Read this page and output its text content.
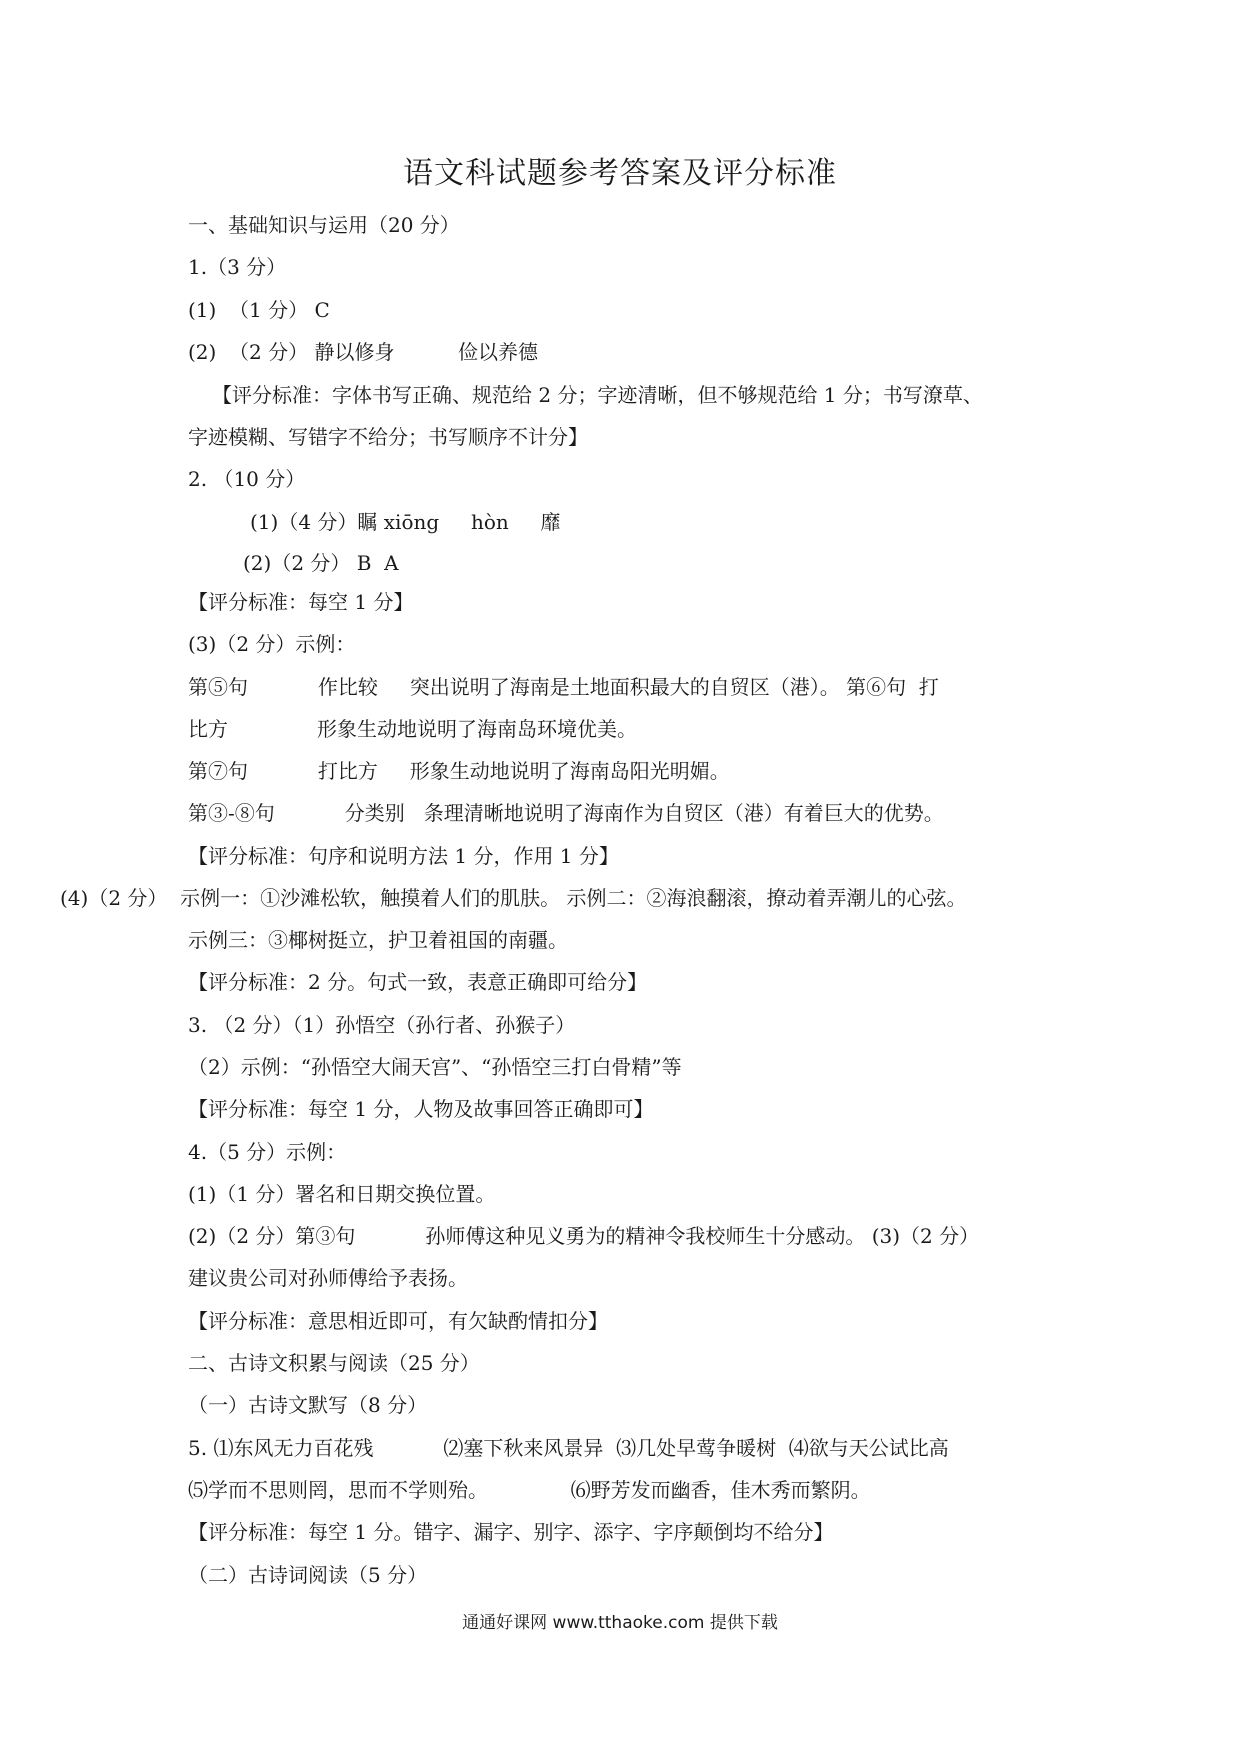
语文科试题参考答案及评分标准
一、基础知识与运用（20 分）
1.（3 分）
(1)  （1 分） C
(2)  （2 分） 静以修身          俭以养德
【评分标准：字体书写正确、规范给 2 分；字迹清晰，但不够规范给 1 分；书写潦草、
字迹模糊、写错字不给分；书写顺序不计分】
2. （10 分）
(1)（4 分）瞩 xiōng     hòn     靡
(2)（2 分） B  A
【评分标准：每空 1 分】
(3)（2 分）示例：
第⑤句           作比较     突出说明了海南是土地面积最大的自贸区（港）。 第⑥句  打
比方              形象生动地说明了海南岛环境优美。
第⑦句           打比方     形象生动地说明了海南岛阳光明媚。
第③-⑧句           分类别   条理清晰地说明了海南作为自贸区（港）有着巨大的优势。
【评分标准：句序和说明方法 1 分，作用 1 分】
(4)（2 分）  示例一：①沙滩松软，触摸着人们的肌肤。 示例二：②海浪翻滚，撩动着弄潮儿的心弦。
示例三：③椰树挺立，护卫着祖国的南疆。
【评分标准：2 分。句式一致，表意正确即可给分】
3. （2 分）（1）孙悟空（孙行者、孙猴子）
（2）示例：“孙悟空大闹天宫”、“孙悟空三打白骨精”等
【评分标准：每空 1 分，人物及故事回答正确即可】
4.（5 分）示例：
(1)（1 分）署名和日期交换位置。
(2)（2 分）第③句           孙师傅这种见义勇为的精神令我校师生十分感动。 (3)（2 分）
建议贵公司对孙师傅给予表扬。
【评分标准：意思相近即可，有欠缺酌情扣分】
二、古诗文积累与阅读（25 分）
（一）古诗文默写（8 分）
5. ⑴东风无力百花残           ⑵塞下秋来风景异  ⑶几处早莺争暖树  ⑷欲与天公试比高
⑸学而不思则罔，思而不学则殆。             ⑹野芳发而幽香，佳木秀而繁阴。
【评分标准：每空 1 分。错字、漏字、别字、添字、字序颠倒均不给分】
（二）古诗词阅读（5 分）
通通好课网 www.tthaoke.com 提供下载
